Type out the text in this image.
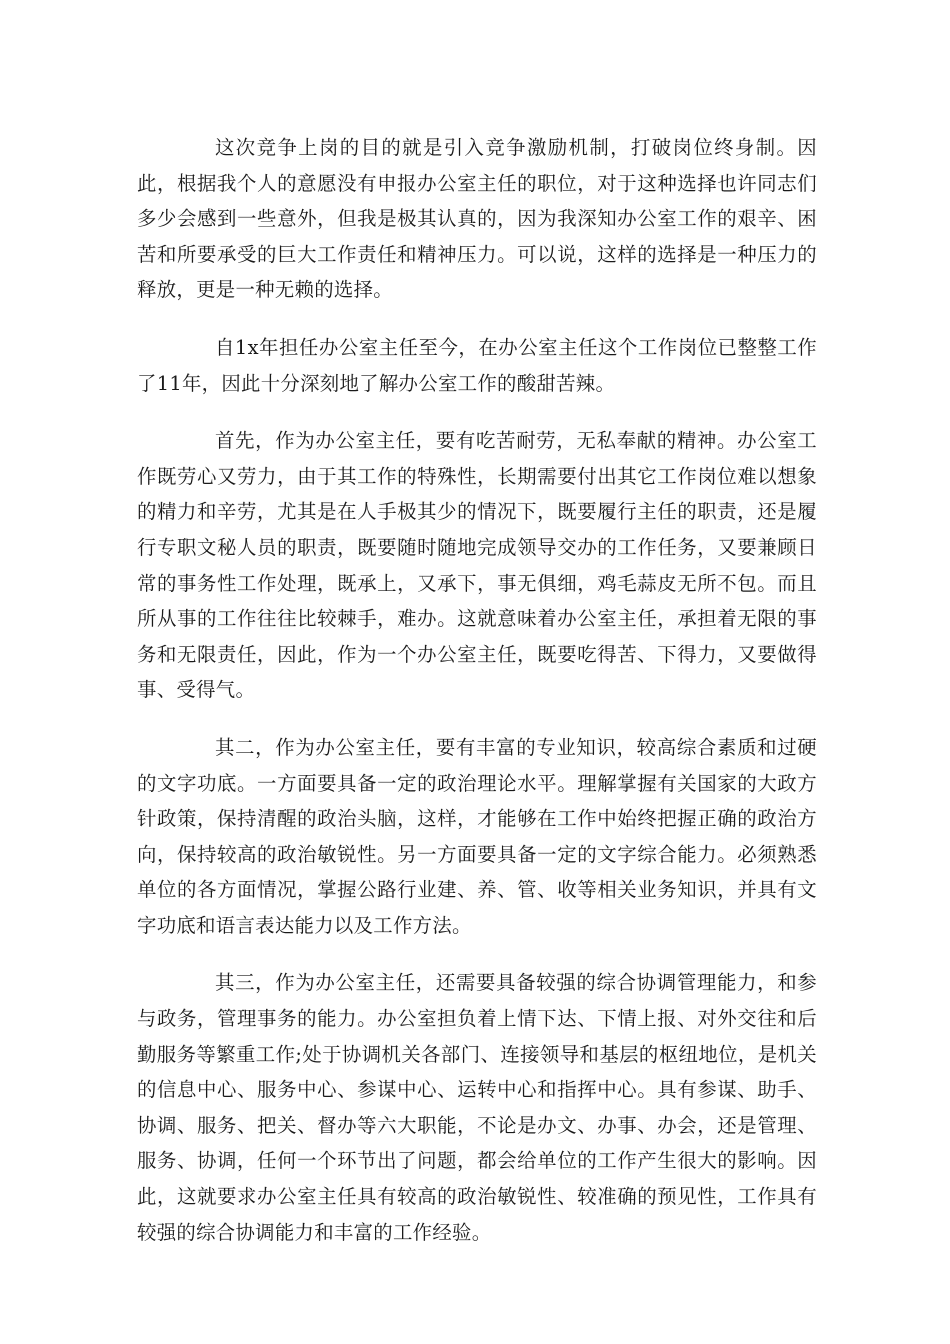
这次竞争上岗的目的就是引入竞争激励机制，打破岗位终身制。因此，根据我个人的意愿没有申报办公室主任的职位，对于这种选择也许同志们多少会感到一些意外，但我是极其认真的，因为我深知办公室工作的艰辛、困苦和所要承受的巨大工作责任和精神压力。可以说，这样的选择是一种压力的释放，更是一种无赖的选择。

自1x年担任办公室主任至今，在办公室主任这个工作岗位已整整工作了11年，因此十分深刻地了解办公室工作的酸甜苦辣。

首先，作为办公室主任，要有吃苦耐劳，无私奉献的精神。办公室工作既劳心又劳力，由于其工作的特殊性，长期需要付出其它工作岗位难以想象的精力和辛劳，尤其是在人手极其少的情况下，既要履行主任的职责，还是履行专职文秘人员的职责，既要随时随地完成领导交办的工作任务，又要兼顾日常的事务性工作处理，既承上，又承下，事无俱细，鸡毛蒜皮无所不包。而且所从事的工作往往比较棘手，难办。这就意味着办公室主任，承担着无限的事务和无限责任，因此，作为一个办公室主任，既要吃得苦、下得力，又要做得事、受得气。

其二，作为办公室主任，要有丰富的专业知识，较高综合素质和过硬的文字功底。一方面要具备一定的政治理论水平。理解掌握有关国家的大政方针政策，保持清醒的政治头脑，这样，才能够在工作中始终把握正确的政治方向，保持较高的政治敏锐性。另一方面要具备一定的文字综合能力。必须熟悉单位的各方面情况，掌握公路行业建、养、管、收等相关业务知识，并具有文字功底和语言表达能力以及工作方法。

其三，作为办公室主任，还需要具备较强的综合协调管理能力，和参与政务，管理事务的能力。办公室担负着上情下达、下情上报、对外交往和后勤服务等繁重工作;处于协调机关各部门、连接领导和基层的枢纽地位，是机关的信息中心、服务中心、参谋中心、运转中心和指挥中心。具有参谋、助手、协调、服务、把关、督办等六大职能，不论是办文、办事、办会，还是管理、服务、协调，任何一个环节出了问题，都会给单位的工作产生很大的影响。因此，这就要求办公室主任具有较高的政治敏锐性、较准确的预见性，工作具有较强的综合协调能力和丰富的工作经验。
